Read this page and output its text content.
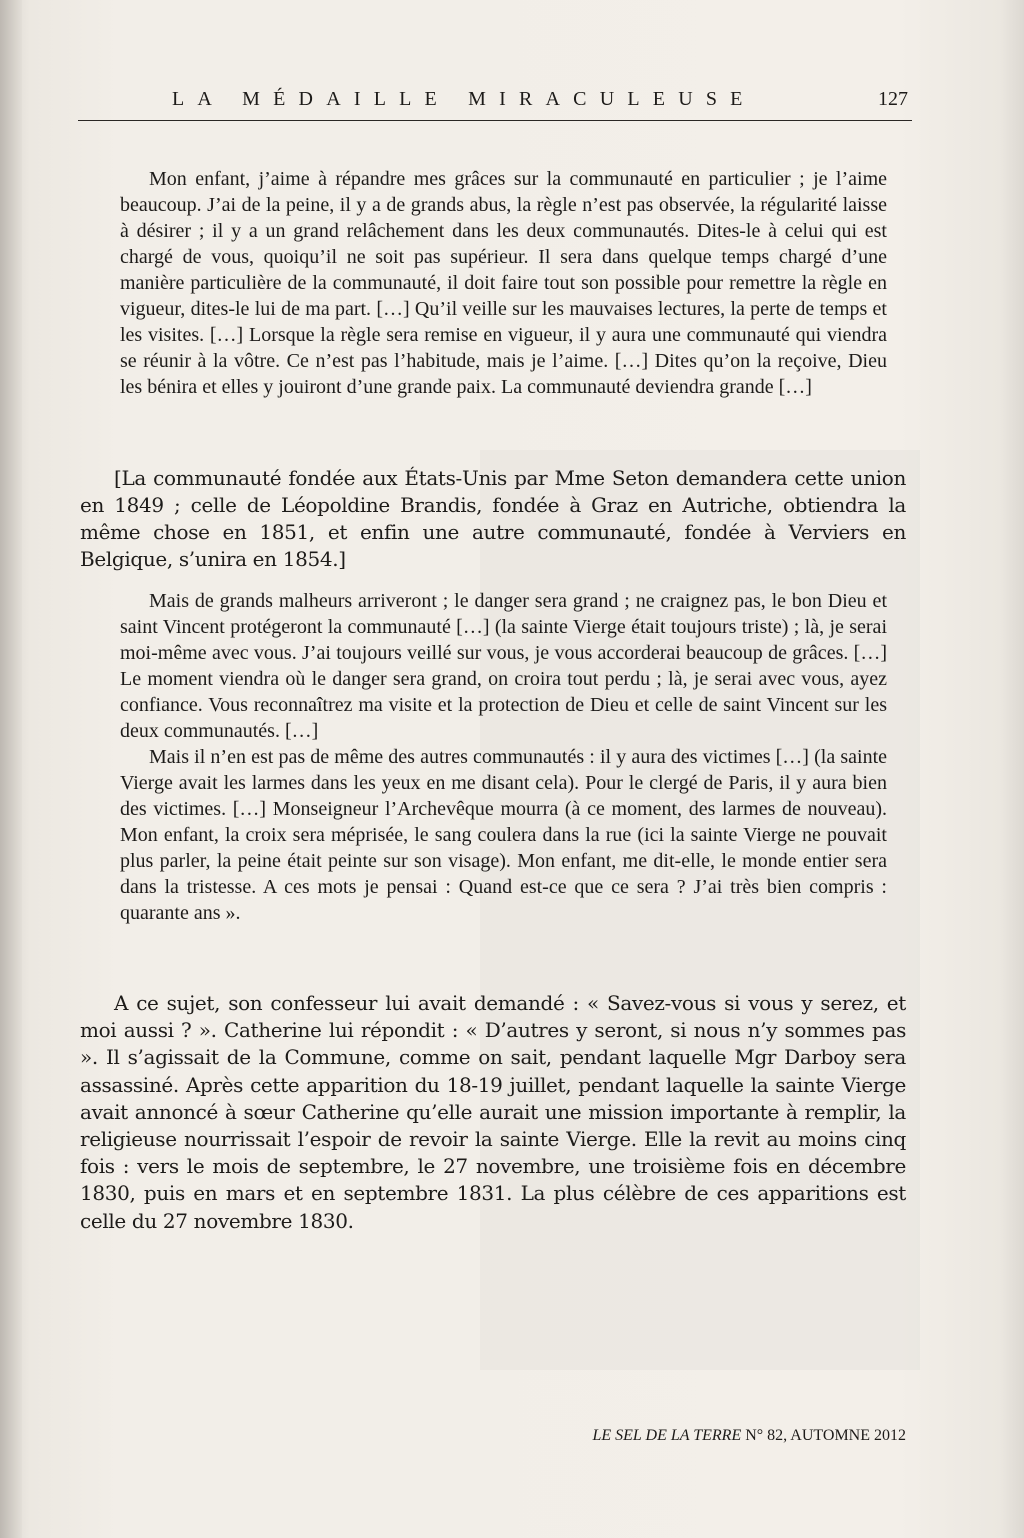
LA MÉDAILLE MIRACULEUSE	127

Mon enfant, j’aime à répandre mes grâces sur la communauté en particulier ; je l’aime beaucoup. J’ai de la peine, il y a de grands abus, la règle n’est pas observée, la régularité laisse à désirer ; il y a un grand relâchement dans les deux communautés. Dites-le à celui qui est chargé de vous, quoiqu’il ne soit pas supérieur. Il sera dans quelque temps chargé d’une manière particulière de la communauté, il doit faire tout son possible pour remettre la règle en vigueur, dites-le lui de ma part. […] Qu’il veille sur les mauvaises lectures, la perte de temps et les visites. […] Lorsque la règle sera remise en vigueur, il y aura une communauté qui viendra se réunir à la vôtre. Ce n’est pas l’habitude, mais je l’aime. […] Dites qu’on la reçoive, Dieu les bénira et elles y jouiront d’une grande paix. La communauté deviendra grande […]

[La communauté fondée aux États-Unis par Mme Seton demandera cette union en 1849 ; celle de Léopoldine Brandis, fondée à Graz en Autriche, obtiendra la même chose en 1851, et enfin une autre communauté, fondée à Verviers en Belgique, s’unira en 1854.]

Mais de grands malheurs arriveront ; le danger sera grand ; ne craignez pas, le bon Dieu et saint Vincent protégeront la communauté […] (la sainte Vierge était toujours triste) ; là, je serai moi-même avec vous. J’ai toujours veillé sur vous, je vous accorderai beaucoup de grâces. […] Le moment viendra où le danger sera grand, on croira tout perdu ; là, je serai avec vous, ayez confiance. Vous reconnaîtrez ma visite et la protection de Dieu et celle de saint Vincent sur les deux communautés. […]

Mais il n’en est pas de même des autres communautés : il y aura des victimes […] (la sainte Vierge avait les larmes dans les yeux en me disant cela). Pour le clergé de Paris, il y aura bien des victimes. […] Monseigneur l’Archevêque mourra (à ce moment, des larmes de nouveau). Mon enfant, la croix sera méprisée, le sang coulera dans la rue (ici la sainte Vierge ne pouvait plus parler, la peine était peinte sur son visage). Mon enfant, me dit-elle, le monde entier sera dans la tristesse. A ces mots je pensai : Quand est-ce que ce sera ? J’ai très bien compris : quarante ans ».

A ce sujet, son confesseur lui avait demandé : « Savez-vous si vous y serez, et moi aussi ? ». Catherine lui répondit : « D’autres y seront, si nous n’y sommes pas ». Il s’agissait de la Commune, comme on sait, pendant laquelle Mgr Darboy sera assassiné. Après cette apparition du 18-19 juillet, pendant laquelle la sainte Vierge avait annoncé à sœur Catherine qu’elle aurait une mission importante à remplir, la religieuse nourrissait l’espoir de revoir la sainte Vierge. Elle la revit au moins cinq fois : vers le mois de septembre, le 27 novembre, une troisième fois en décembre 1830, puis en mars et en septembre 1831. La plus célèbre de ces apparitions est celle du 27 novembre 1830.

LE SEL DE LA TERRE N° 82, AUTOMNE 2012
